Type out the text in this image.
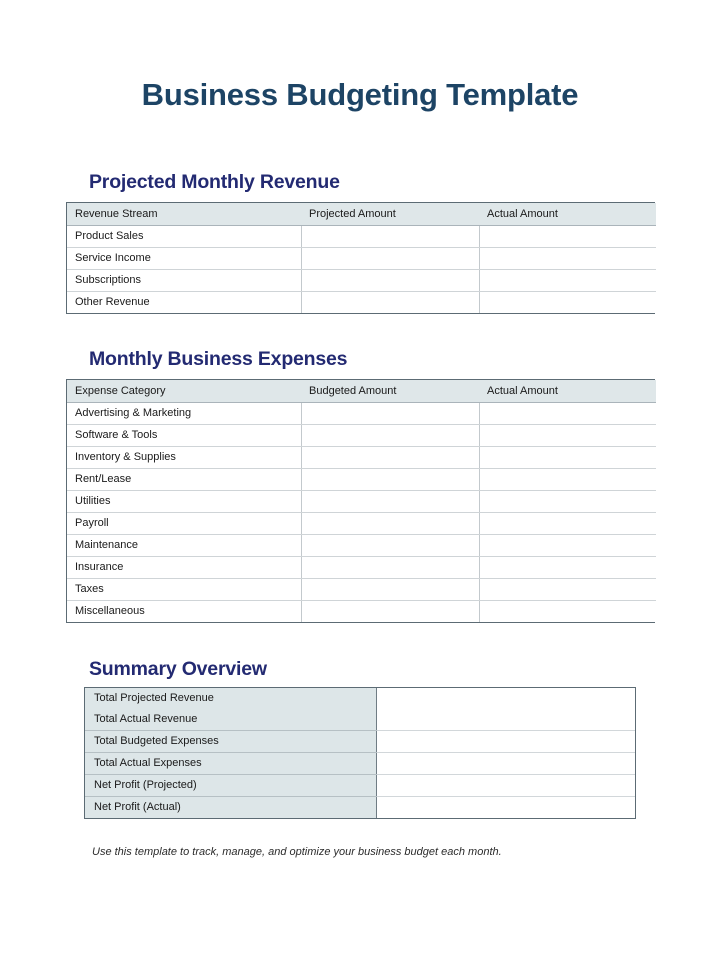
Business Budgeting Template
Projected Monthly Revenue
Revenue Stream	Projected Amount	Actual Amount
Product Sales		
Service Income		
Subscriptions		
Other Revenue		
Monthly Business Expenses
Expense Category	Budgeted Amount	Actual Amount
Advertising & Marketing		
Software & Tools		
Inventory & Supplies		
Rent/Lease		
Utilities		
Payroll		
Maintenance		
Insurance		
Taxes		
Miscellaneous		
Summary Overview
Total Projected Revenue	
Total Actual Revenue	
Total Budgeted Expenses	
Total Actual Expenses	
Net Profit (Projected)	
Net Profit (Actual)	
Use this template to track, manage, and optimize your business budget each month.
